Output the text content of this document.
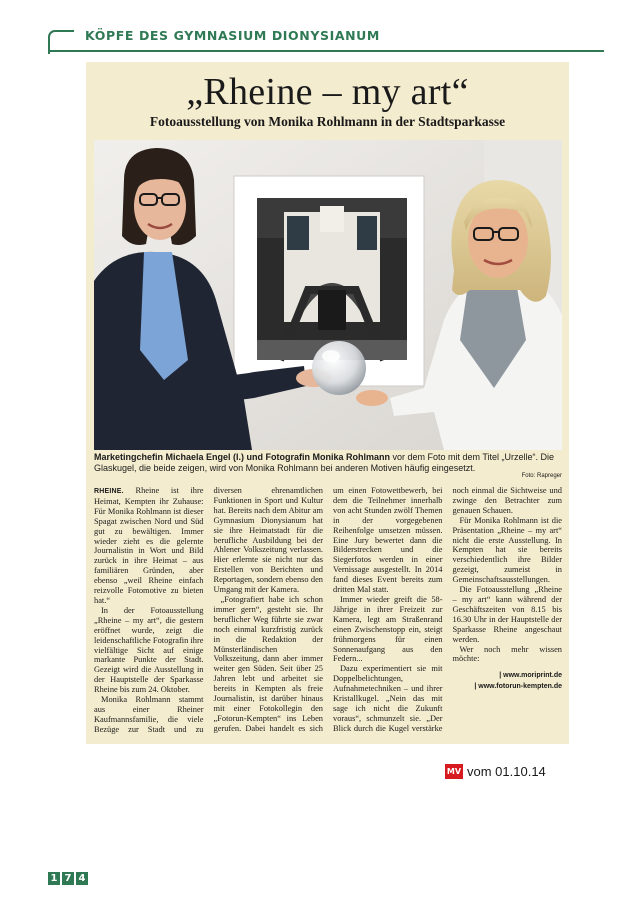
KÖPFE DES GYMNASIUM DIONYSIANUM
„Rheine – my art“
Fotoausstellung von Monika Rohlmann in der Stadtsparkasse
Marketingchefin Michaela Engel (l.) und Fotografin Monika Rohlmann vor dem Foto mit dem Titel „Urzelle“. Die Glaskugel, die beide zeigen, wird von Monika Rohlmann bei anderen Motiven häufig eingesetzt.
Foto: Rapreger

RHEINE. Rheine ist ihre Heimat, Kempten ihr Zuhause: Für Monika Rohlmann ist dieser Spagat zwischen Nord und Süd gut zu bewältigen. Immer wieder zieht es die gelernte Journalistin in Wort und Bild zurück in ihre Heimat – aus familiären Gründen, aber ebenso „weil Rheine einfach reizvolle Fotomotive zu bieten hat.“

In der Fotoausstellung „Rheine – my art“, die gestern eröffnet wurde, zeigt die leidenschaftliche Fotografin ihre vielfältige Sicht auf einige markante Punkte der Stadt. Gezeigt wird die Ausstellung in der Hauptstelle der Sparkasse Rheine bis zum 24. Oktober.

Monika Rohlmann stammt aus einer Rheiner Kaufmannsfamilie, die viele Bezüge zur Stadt und zu diversen ehrenamtlichen Funktionen in Sport und Kultur hat. Bereits nach dem Abitur am Gymnasium Dionysianum hat sie ihre Heimatstadt für die berufliche Ausbildung bei der Ahlener Volkszeitung verlassen. Hier erlernte sie nicht nur das Erstellen von Berichten und Reportagen, sondern ebenso den Umgang mit der Kamera.

„Fotografiert habe ich schon immer gern“, gesteht sie. Ihr beruflicher Weg führte sie zwar noch einmal kurzfristig zurück in die Redaktion der Münsterländischen Volkszeitung, dann aber immer weiter gen Süden. Seit über 25 Jahren lebt und arbeitet sie bereits in Kempten als freie Journalistin, ist darüber hinaus mit einer Fotokollegin den „Fotorun-Kempten“ ins Leben gerufen. Dabei handelt es sich um einen Fotowettbewerb, bei dem die Teilnehmer innerhalb von acht Stunden zwölf Themen in der vorgegebenen Reihenfolge umsetzen müssen. Eine Jury bewertet dann die Bilderstrecken und die Siegerfotos werden in einer Vernissage ausgestellt. In 2014 fand dieses Event bereits zum dritten Mal statt.

Immer wieder greift die 58-Jährige in ihrer Freizeit zur Kamera, legt am Straßenrand einen Zwischenstopp ein, steigt frühmorgens für einen Sonnenaufgang aus den Federn...

Dazu experimentiert sie mit Doppelbelichtungen, Aufnahmetechniken – und ihrer Kristallkugel. „Nein das mit sage ich nicht die Zukunft voraus“, schmunzelt sie. „Der Blick durch die Kugel verstärke noch einmal die Sichtweise und zwinge den Betrachter zum genauen Schauen.

Für Monika Rohlmann ist die Präsentation „Rheine – my art“ nicht die erste Ausstellung. In Kempten hat sie bereits verschiedentlich ihre Bilder gezeigt, zumeist in Gemeinschaftsausstellungen.

Die Fotoausstellung „Rheine – my art“ kann während der Geschäftszeiten von 8.15 bis 16.30 Uhr in der Hauptstelle der Sparkasse Rheine angeschaut werden.

Wer noch mehr wissen möchte:

| www.moriprint.de
| www.fotorun-kempten.de
MV vom 01.10.14
1 7 4
